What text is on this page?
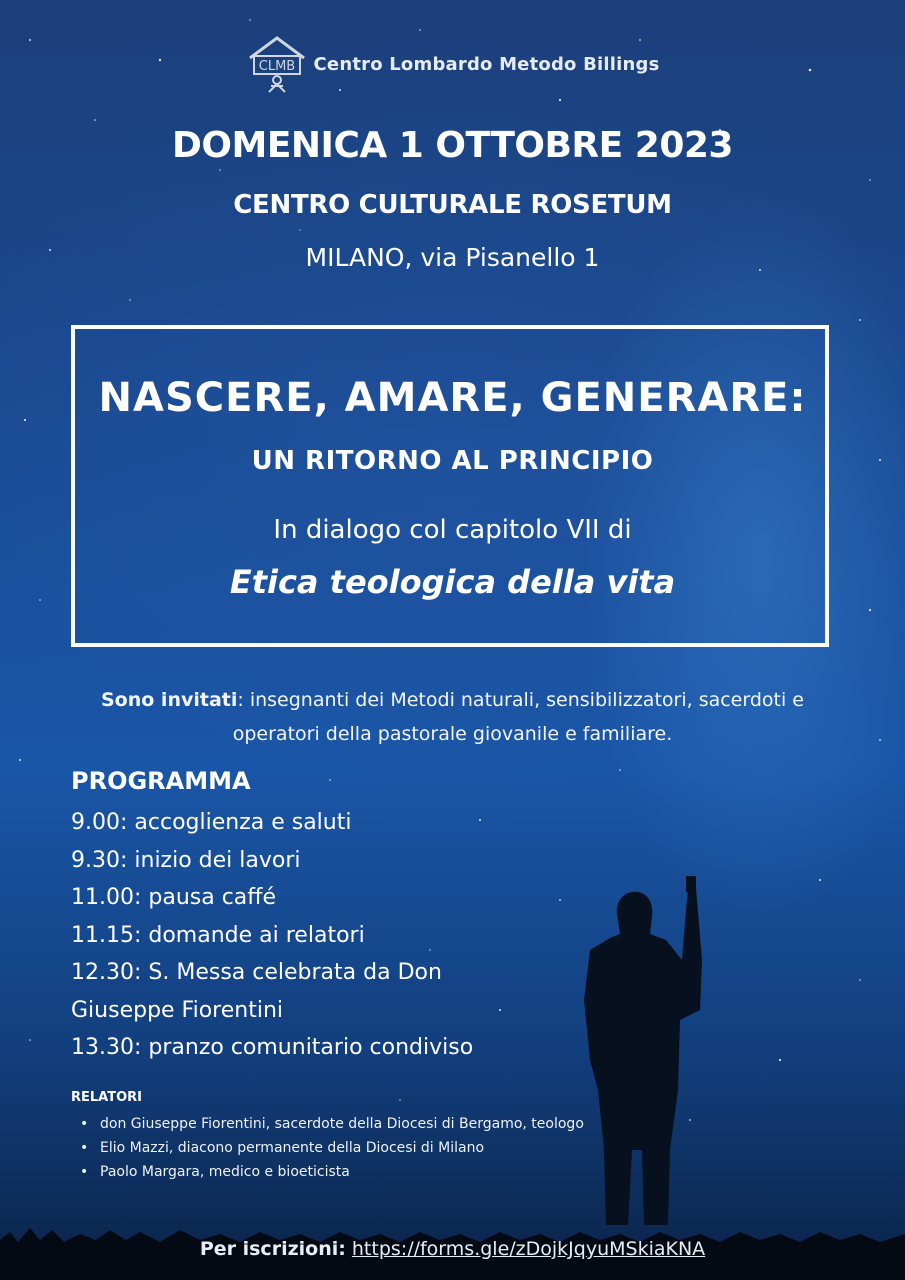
CLMB Centro Lombardo Metodo Billings
DOMENICA 1 OTTOBRE 2023
CENTRO CULTURALE ROSETUM
MILANO, via Pisanello 1
NASCERE, AMARE, GENERARE:
UN RITORNO AL PRINCIPIO
In dialogo col capitolo VII di
Etica teologica della vita
Sono invitati: insegnanti dei Metodi naturali, sensibilizzatori, sacerdoti e operatori della pastorale giovanile e familiare.
PROGRAMMA
9.00: accoglienza e saluti
9.30: inizio dei lavori
11.00: pausa caffé
11.15: domande ai relatori
12.30: S. Messa celebrata da Don
Giuseppe Fiorentini
13.30: pranzo comunitario condiviso
RELATORI
• don Giuseppe Fiorentini, sacerdote della Diocesi di Bergamo, teologo
• Elio Mazzi, diacono permanente della Diocesi di Milano
• Paolo Margara, medico e bioeticista
Per iscrizioni: https://forms.gle/zDojkJqyuMSkiaKNA
